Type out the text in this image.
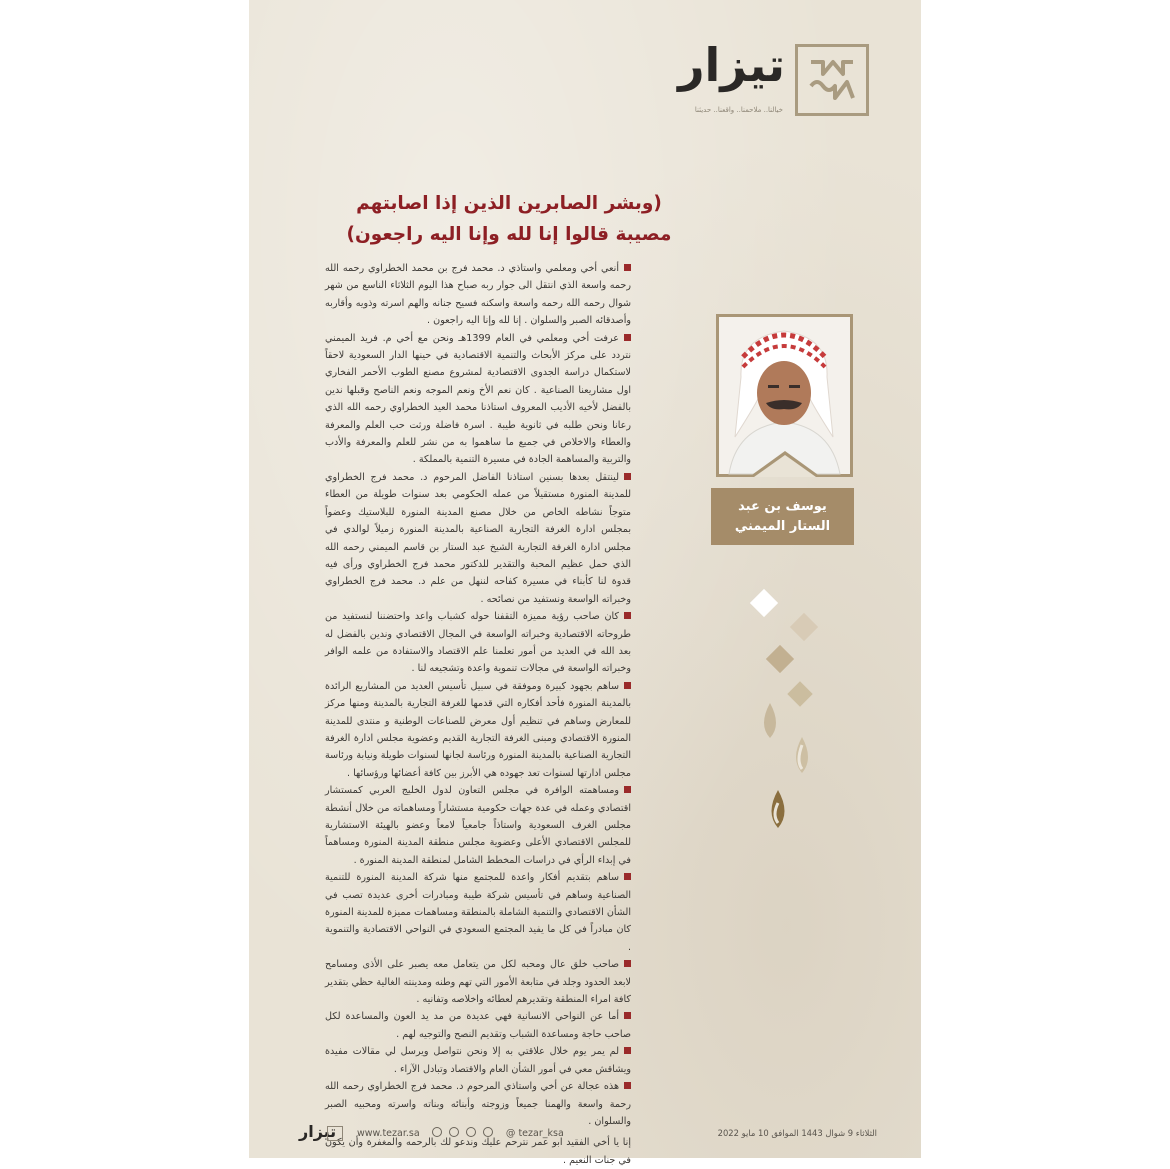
تيزار
خيالنا.. ملاحمنا.. واقعنا.. حديثنا
(وبشر الصابرين الذين إذا اصابتهم
مصيبة قالوا إنا لله وإنا اليه راجعون)

أنعي أخي ومعلمي واستاذي د. محمد فرج بن محمد الخطراوي رحمه الله رحمه واسعة الذي انتقل الى جوار ربه صباح هذا اليوم الثلاثاء الناسع من شهر شوال رحمه الله رحمه واسعة واسكنه فسيح جنانه والهم اسرته وذويه وأقاربه وأصدقائه الصبر والسلوان . إنا لله وإنا اليه راجعون .

عرفت أخي ومعلمي في العام 1399هـ ونحن مع أخي م. فريد الميمني نتردد على مركز الأبحاث والتنمية الاقتصادية في حينها الدار السعودية لاحقاً لاستكمال دراسة الجدوى الاقتصادية لمشروع مصنع الطوب الأحمر الفخاري اول مشاريعنا الصناعية . كان نعم الأخ ونعم الموجه ونعم الناصح وقبلها ندين بالفضل لأخيه الأديب المعروف استاذنا محمد العيد الخطراوي رحمه الله الذي رعانا ونحن طلبه في ثانوية طيبة . اسرة فاضلة ورثت حب العلم والمعرفة والعطاء والاخلاص في جميع ما ساهموا به من نشر للعلم والمعرفة والأدب والتربية والمساهمة الجادة في مسيرة التنمية بالمملكة .

لينتقل بعدها بسنين استاذنا الفاضل المرحوم د. محمد فرج الخطراوي للمدينة المنورة مستقيلاً من عمله الحكومي بعد سنوات طويلة من العطاء متوجاً نشاطه الخاص من خلال مصنع المدينة المنورة للبلاستيك وعضواً بمجلس ادارة الغرفة التجارية الصناعية بالمدينة المنورة زميلاً لوالدي في مجلس ادارة الغرفة التجارية الشيخ عبد الستار بن قاسم الميمني رحمه الله الذي حمل عظيم المحبة والتقدير للدكتور محمد فرج الخطراوي ورأى فيه قدوة لنا كأبناء في مسيرة كفاحه لننهل من علم د. محمد فرج الخطراوي وخبراته الواسعة ونستفيد من نصائحه .

كان صاحب رؤية مميزة التقفنا حوله كشباب واعد واحتضننا لنستفيد من طروحاته الاقتصادية وخبراته الواسعة في المجال الاقتصادي وندين بالفضل له بعد الله في العديد من أمور تعلمنا علم الاقتصاد والاستفادة من علمه الوافر وخبراته الواسعة في مجالات تنموية واعدة وتشجيعه لنا .

ساهم بجهود كبيرة وموفقة في سبيل تأسيس العديد من المشاريع الرائدة بالمدينة المنورة فأحد أفكاره التي قدمها للغرفة التجارية بالمدينة ومنها مركز للمعارض وساهم في تنظيم أول معرض للصناعات الوطنية و منتدى للمدينة المنورة الاقتصادي ومبنى الغرفة التجارية القديم وعضوية مجلس ادارة الغرفة التجارية الصناعية بالمدينة المنورة ورئاسة لجانها لسنوات طويلة ونيابة ورئاسة مجلس ادارتها لسنوات تعد جهوده هي الأبرز بين كافة أعضائها ورؤسائها .

ومساهمته الوافرة في مجلس التعاون لدول الخليج العربي كمستشار اقتصادي وعمله في عدة جهات حكومية مستشاراً ومساهماته من خلال أنشطة مجلس الغرف السعودية واستاذاً جامعياً لامعاً وعضو بالهيئة الاستشارية للمجلس الاقتصادي الأعلى وعضوية مجلس منطقة المدينة المنورة ومساهماً في إبداء الرأي في دراسات المخطط الشامل لمنطقة المدينة المنورة .

ساهم بتقديم أفكار واعدة للمجتمع منها شركة المدينة المنورة للتنمية الصناعية وساهم في تأسيس شركة طيبة ومبادرات أخرى عديدة تصب في الشأن الاقتصادي والتنمية الشاملة بالمنطقة ومساهمات مميزة للمدينة المنورة كان مبادراً في كل ما يفيد المجتمع السعودي في النواحي الاقتصادية والتنموية .

صاحب خلق عال ومحبه لكل من يتعامل معه يصبر على الأذى ومسامح لابعد الحدود وجلد في متابعة الأمور التي تهم وطنه ومدينته الغالية حظي بتقدير كافة امراء المنطقة وتقديرهم لعطائه واخلاصه وتفانيه .

أما عن النواحي الانسانية فهي عديدة من مد يد العون والمساعدة لكل صاحب حاجة ومساعدة الشباب وتقديم النصح والتوجيه لهم .

لم يمر يوم خلال علاقتي به إلا ونحن نتواصل ويرسل لي مقالات مفيدة ويشاقش معي في أمور الشأن العام والاقتصاد وتبادل الآراء .

هذه عجالة عن أخي واستاذي المرحوم د. محمد فرج الخطراوي رحمه الله رحمة واسعة والهمنا جميعاً وزوجته وأبنائه وبناته واسرته ومحبيه الصبر والسلوان .

إنا يا أخي الفقيد ابو عمر نترحم عليك وندعو لك بالرحمه والمغفرة وأن يكون في جنات النعيم .

يوسف بن عبد الستار الميمني
تيزار www.tezar.sa	@ tezar_ksa	الثلاثاء 9 شوال 1443 الموافق 10 مايو 2022
